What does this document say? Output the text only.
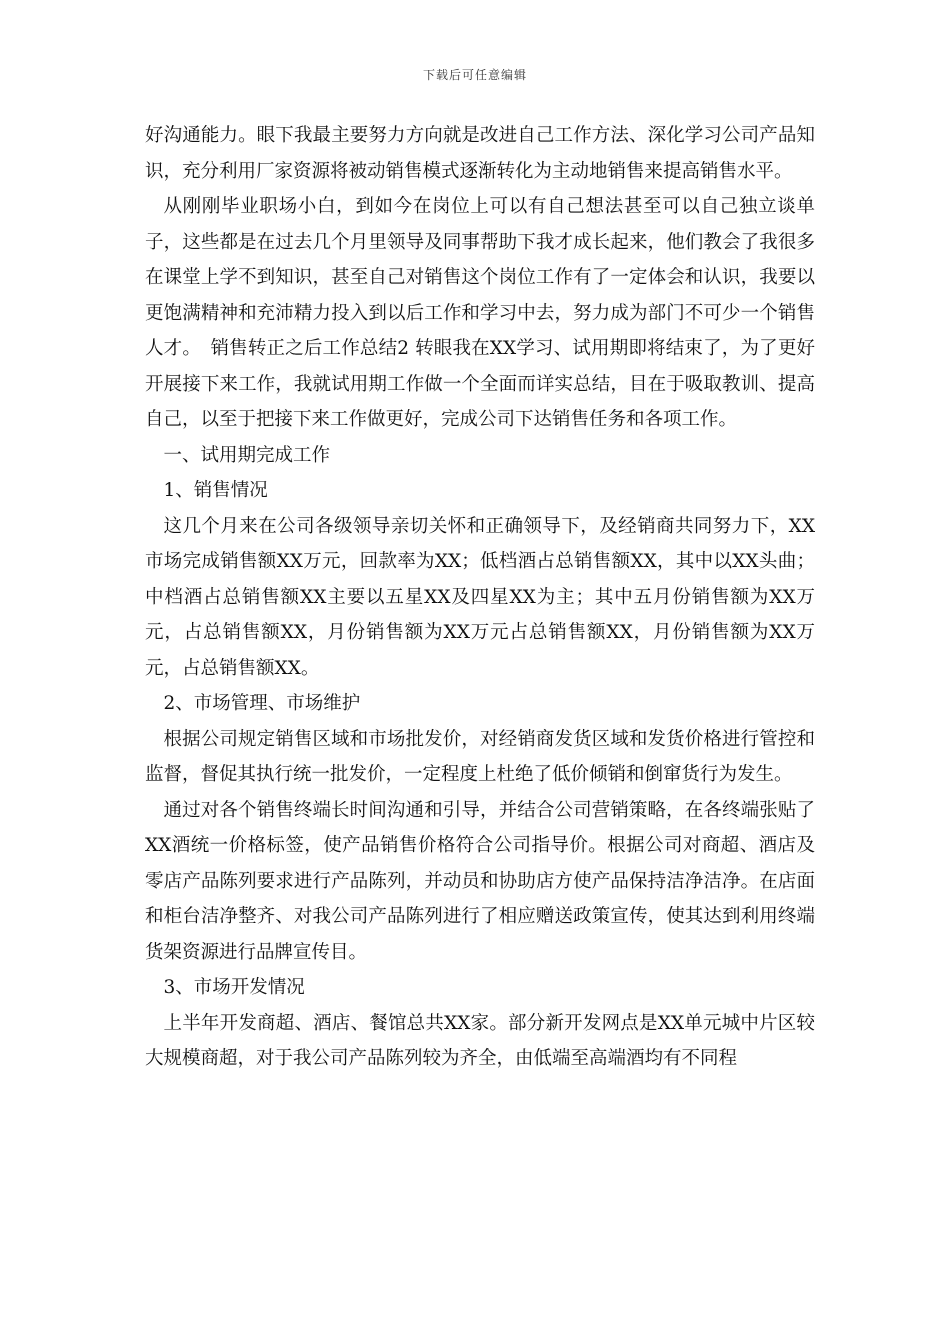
下载后可任意编辑

好沟通能力。眼下我最主要努力方向就是改进自己工作方法、深化学习公司产品知识，充分利用厂家资源将被动销售模式逐渐转化为主动地销售来提高销售水平。

从刚刚毕业职场小白，到如今在岗位上可以有自己想法甚至可以自己独立谈单子，这些都是在过去几个月里领导及同事帮助下我才成长起来，他们教会了我很多在课堂上学不到知识，甚至自己对销售这个岗位工作有了一定体会和认识，我要以更饱满精神和充沛精力投入到以后工作和学习中去，努力成为部门不可少一个销售人才。　销售转正之后工作总结2 转眼我在XX学习、试用期即将结束了，为了更好开展接下来工作，我就试用期工作做一个全面而详实总结，目在于吸取教训、提高自己，以至于把接下来工作做更好，完成公司下达销售任务和各项工作。

一、试用期完成工作

1、销售情况

这几个月来在公司各级领导亲切关怀和正确领导下，及经销商共同努力下，XX市场完成销售额XX万元，回款率为XX；低档酒占总销售额XX，其中以XX头曲；中档酒占总销售额XX主要以五星XX及四星XX为主；其中五月份销售额为XX万元，占总销售额XX，月份销售额为XX万元占总销售额XX，月份销售额为XX万元，占总销售额XX。

2、市场管理、市场维护

根据公司规定销售区域和市场批发价，对经销商发货区域和发货价格进行管控和监督，督促其执行统一批发价，一定程度上杜绝了低价倾销和倒窜货行为发生。

通过对各个销售终端长时间沟通和引导，并结合公司营销策略，在各终端张贴了XX酒统一价格标签，使产品销售价格符合公司指导价。根据公司对商超、酒店及零店产品陈列要求进行产品陈列，并动员和协助店方使产品保持洁净洁净。在店面和柜台洁净整齐、对我公司产品陈列进行了相应赠送政策宣传，使其达到利用终端货架资源进行品牌宣传目。

3、市场开发情况

上半年开发商超、酒店、餐馆总共XX家。部分新开发网点是XX单元城中片区较大规模商超，对于我公司产品陈列较为齐全，由低端至高端酒均有不同程
